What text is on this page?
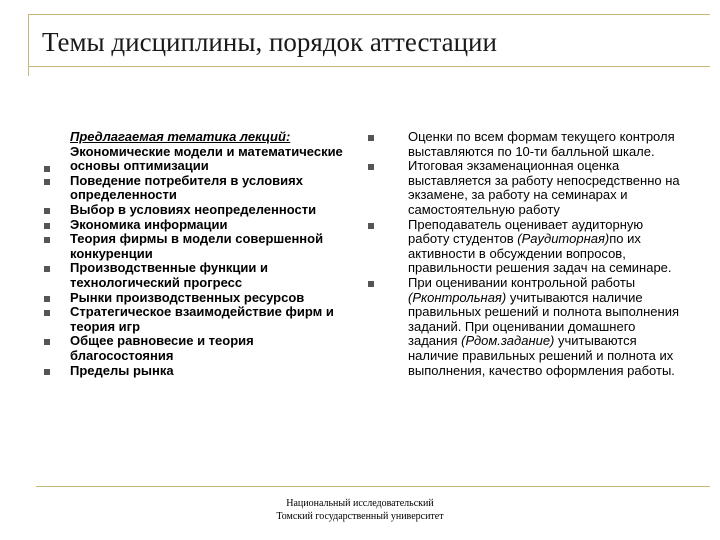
Темы дисциплины, порядок аттестации
Предлагаемая тематика лекций:
Экономические модели и математические основы оптимизации
Поведение потребителя в условиях определенности
Выбор в условиях неопределенности
Экономика информации
Теория фирмы в модели совершенной конкуренции
Производственные функции и технологический прогресс
Рынки производственных ресурсов
Стратегическое взаимодействие фирм и теория игр
Общее равновесие и теория благосостояния
Пределы рынка
Оценки по всем формам текущего контроля выставляются по 10-ти балльной шкале.
Итоговая экзаменационная оценка выставляется за работу непосредственно на экзамене, за работу на семинарах и самостоятельную работу
Преподаватель оценивает аудиторную работу студентов (Рaудиторная)по их активности в обсуждении вопросов, правильности решения задач на семинаре.
При оценивании контрольной работы (Ркoнтрольная) учитываются наличие правильных решений и полнота выполнения заданий. При оценивании домашнего задания (Рдом.задание) учитываются наличие правильных решений и полнота их выполнения, качество оформления работы.
Национальный исследовательский
Томский государственный университет
